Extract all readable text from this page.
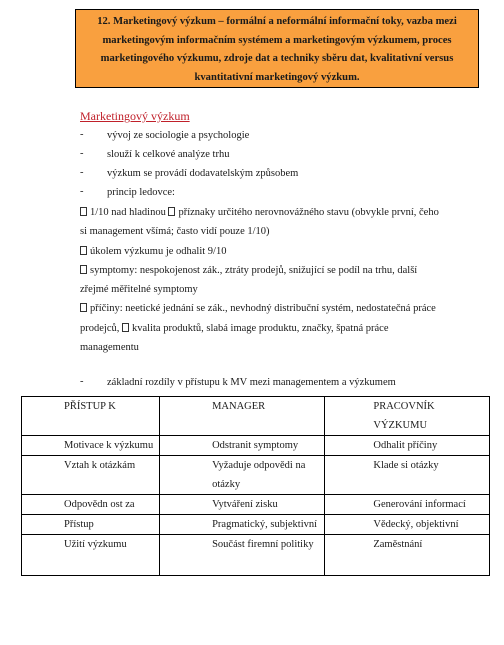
12. Marketingový výzkum – formální a neformální informační toky, vazba mezi marketingovým informačním systémem a marketingovým výzkumem, proces marketingového výzkumu, zdroje dat a techniky sběru dat, kvalitativní versus kvantitativní marketingový výzkum.
Marketingový výzkum
- vývoj ze sociologie a psychologie
- slouží k celkové analýze trhu
- výzkum se provádí dodavatelským způsobem
- princip ledovce:
1/10 nad hladinou příznaky určitého nerovnovážného stavu (obvykle první, čeho
si management všímá; často vidí pouze 1/10)
úkolem výzkumu je odhalit 9/10
symptomy: nespokojenost zák., ztráty prodejů, snižující se podíl na trhu, další
zřejmé měřitelné symptomy
příčiny: neetické jednání se zák., nevhodný distribuční systém, nedostatečná práce
prodejců, kvalita produktů, slabá image produktu, značky, špatná práce
managementu
- základní rozdíly v přístupu k MV mezi managementem a výzkumem
PŘÍSTUP K	MANAGER	PRACOVNÍK VÝZKUMU
Motivace k výzkumu	Odstranit symptomy	Odhalit příčiny
Vztah k otázkám	Vyžaduje odpovědi na otázky	Klade si otázky
Odpovědn ost za	Vytváření zisku	Generování informací
Přístup	Pragmatický, subjektivní	Vědecký, objektivní
Užití výzkumu	Součást firemní politiky	Zaměstnání
